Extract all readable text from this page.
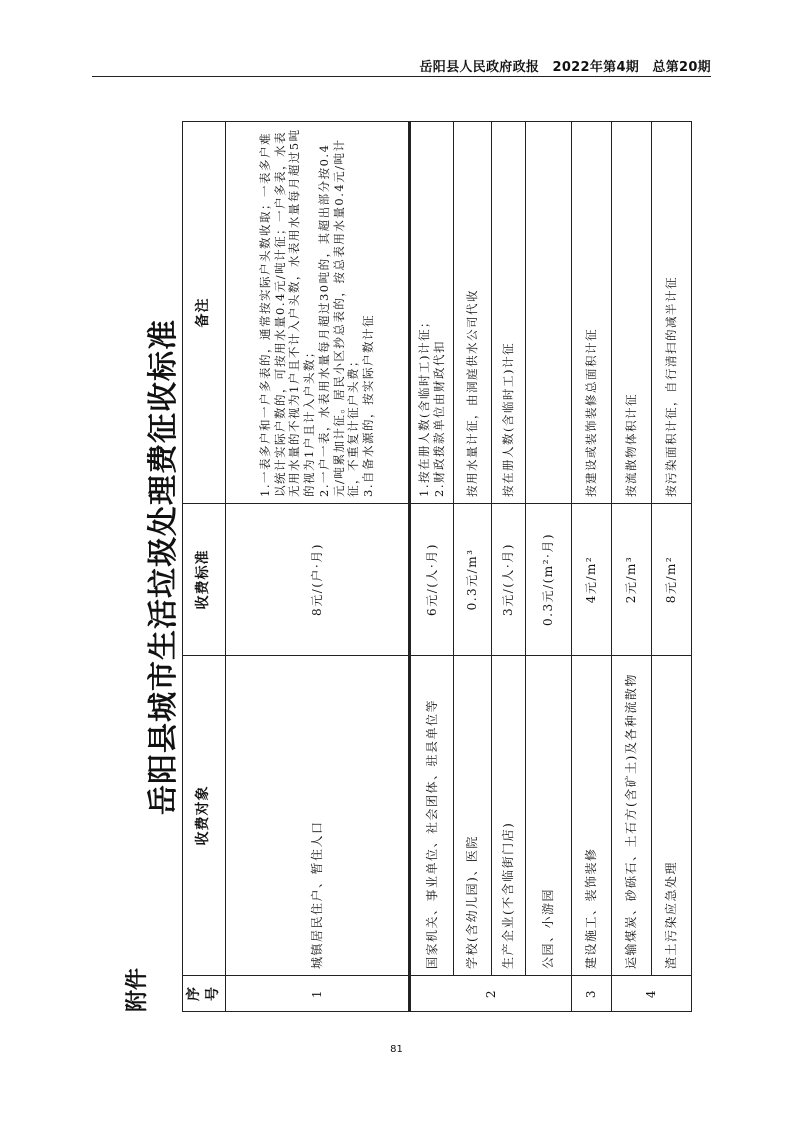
岳阳县人民政府政报　2022年第4期　总第20期
附件
岳阳县城市生活垃圾处理费征收标准
序号	收费对象	收费标准	备注
1	城镇居民住户、暂住人口	8元/(户·月)	1.一表多户和一户多表的，通常按实际户头数收取；一表多户难以统计实际户数的，可按用水量0.4元/吨计征；一户多表，水表无用水量的不视为1户且不计入户头数，水表用水量每月超过5吨的视为1户且计入户头数； 2.一户一表，水表用水量每月超过30吨的，其超出部分按0.4元/吨累加计征。居民小区抄总表的，按总表用水量0.4元/吨计征，不重复计征户头费； 3.自备水源的，按实际户数计征

2	国家机关、事业单位、社会团体、驻县单位等	6元/(人·月)	1.按在册人数(含临时工)计征； 2.财政拨款单位由财政代扣

	学校(含幼儿园)、医院	0.3元/m³	按用水量计征，由洞庭供水公司代收
	生产企业(不含临街门店)	3元/(人·月)	按在册人数(含临时工)计征
	公园、小游园	0.3元/(m²·月)	
3	建设施工、装饰装修	4元/m²	按建设或装饰装修总面积计征
4	运输煤炭、砂砾石、土石方(含矿土)及各种流散物	2元/m³	按流散物体积计征
	渣土污染应急处理	8元/m²	按污染面积计征，自行清扫的减半计征
81
